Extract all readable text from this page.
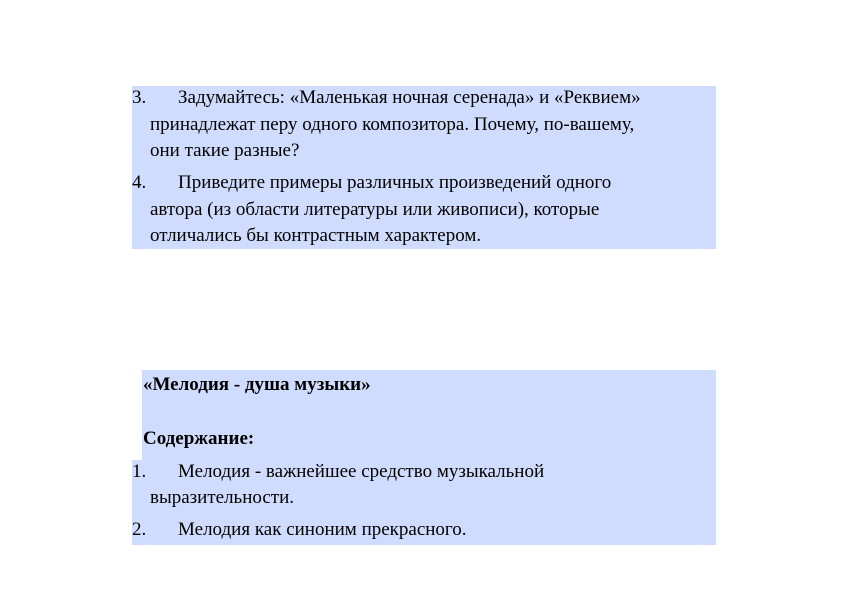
3. Задумайтесь: «Маленькая ночная серенада» и «Реквием»
принадлежат перу одного композитора. Почему, по-вашему,
они такие разные?
4. Приведите примеры различных произведений одного
автора (из области литературы или живописи), которые
отличались бы контрастным характером.
«Мелодия - душа музыки»
Содержание:
1. Мелодия - важнейшее средство музыкальной
выразительности.
2. Мелодия как синоним прекрасного.
